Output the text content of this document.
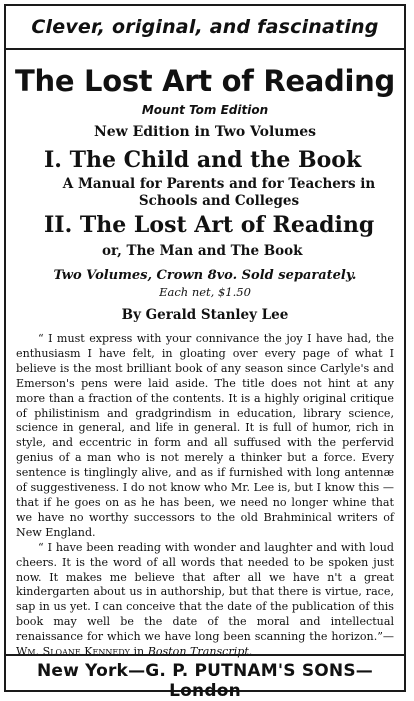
Clever, original, and fascinating
The Lost Art of Reading
Mount Tom Edition
New Edition in Two Volumes
I. The Child and the Book
A Manual for Parents and for Teachers in
Schools and Colleges
II. The Lost Art of Reading
or, The Man and The Book
Two Volumes, Crown 8vo. Sold separately.
Each net, $1.50
By Gerald Stanley Lee

“ I must express with your connivance the joy I have had, the enthusiasm I have felt, in gloating over every page of what I believe is the most brilliant book of any season since Carlyle's and Emerson's pens were laid aside. The title does not hint at any more than a fraction of the contents. It is a highly original critique of philistinism and gradgrindism in education, library science, science in general, and life in general. It is full of humor, rich in style, and eccentric in form and all suffused with the perfervid genius of a man who is not merely a thinker but a force. Every sentence is tinglingly alive, and as if furnished with long antennæ of suggestiveness. I do not know who Mr. Lee is, but I know this —that if he goes on as he has been, we need no longer whine that we have no worthy successors to the old Brahminical writers of New England.

“ I have been reading with wonder and laughter and with loud cheers. It is the word of all words that needed to be spoken just now. It makes me believe that after all we have n't a great kindergarten about us in authorship, but that there is virtue, race, sap in us yet. I can conceive that the date of the publication of this book may well be the date of the moral and intellectual renaissance for which we have long been scanning the horizon.”—Wm. Sloane Kennedy in Boston Transcript.

New York—G. P. PUTNAM'S SONS—London
